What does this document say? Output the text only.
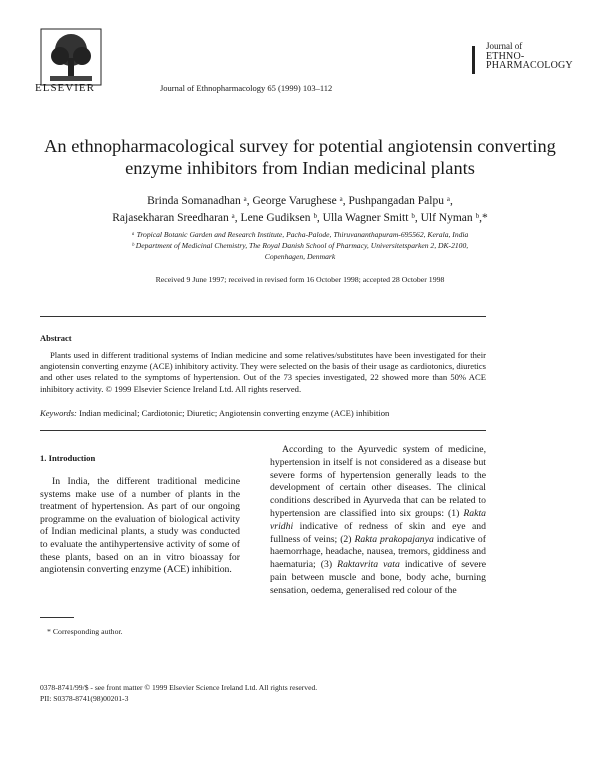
ELSEVIER	Journal of Ethnopharmacology 65 (1999) 103–112
Journal of
ETHNO-
PHARMACOLOGY
An ethnopharmacological survey for potential angiotensin converting enzyme inhibitors from Indian medicinal plants
Brinda Somanadhan ᵃ, George Varughese ᵃ, Pushpangadan Palpu ᵃ,
Rajasekharan Sreedharan ᵃ, Lene Gudiksen ᵇ, Ulla Wagner Smitt ᵇ, Ulf Nyman ᵇ,*
ᵃ Tropical Botanic Garden and Research Institute, Pacha-Palode, Thiruvananthapuram-695562, Kerala, India
ᵇ Department of Medicinal Chemistry, The Royal Danish School of Pharmacy, Universitetsparken 2, DK-2100,
Copenhagen, Denmark
Received 9 June 1997; received in revised form 16 October 1998; accepted 28 October 1998
Abstract
Plants used in different traditional systems of Indian medicine and some relatives/substitutes have been investigated for their angiotensin converting enzyme (ACE) inhibitory activity. They were selected on the basis of their usage as cardiotonics, diuretics and other uses related to the symptoms of hypertension. Out of the 73 species investigated, 22 showed more than 50% ACE inhibitory activity. © 1999 Elsevier Science Ireland Ltd. All rights reserved.
Keywords: Indian medicinal; Cardiotonic; Diuretic; Angiotensin converting enzyme (ACE) inhibition
1. Introduction
In India, the different traditional medicine systems make use of a number of plants in the treatment of hypertension. As part of our ongoing programme on the evaluation of biological activity of Indian medicinal plants, a study was conducted to evaluate the antihypertensive activity of some of these plants, based on an in vitro bioassay for angiotensin converting enzyme (ACE) inhibition.

According to the Ayurvedic system of medicine, hypertension in itself is not considered as a disease but severe forms of hypertension generally leads to the development of certain other diseases. The clinical conditions described in Ayurveda that can be related to hypertension are classified into six groups: (1) Rakta vridhi indicative of redness of skin and eye and fullness of veins; (2) Rakta prakopajanya indicative of haemorrhage, headache, nausea, tremors, giddiness and haematuria; (3) Raktavrita vata indicative of severe pain between muscle and bone, body ache, burning sensation, oedema, generalised red colour of the

* Corresponding author.
0378-8741/99/$ - see front matter © 1999 Elsevier Science Ireland Ltd. All rights reserved.
PII: S0378-8741(98)00201-3
